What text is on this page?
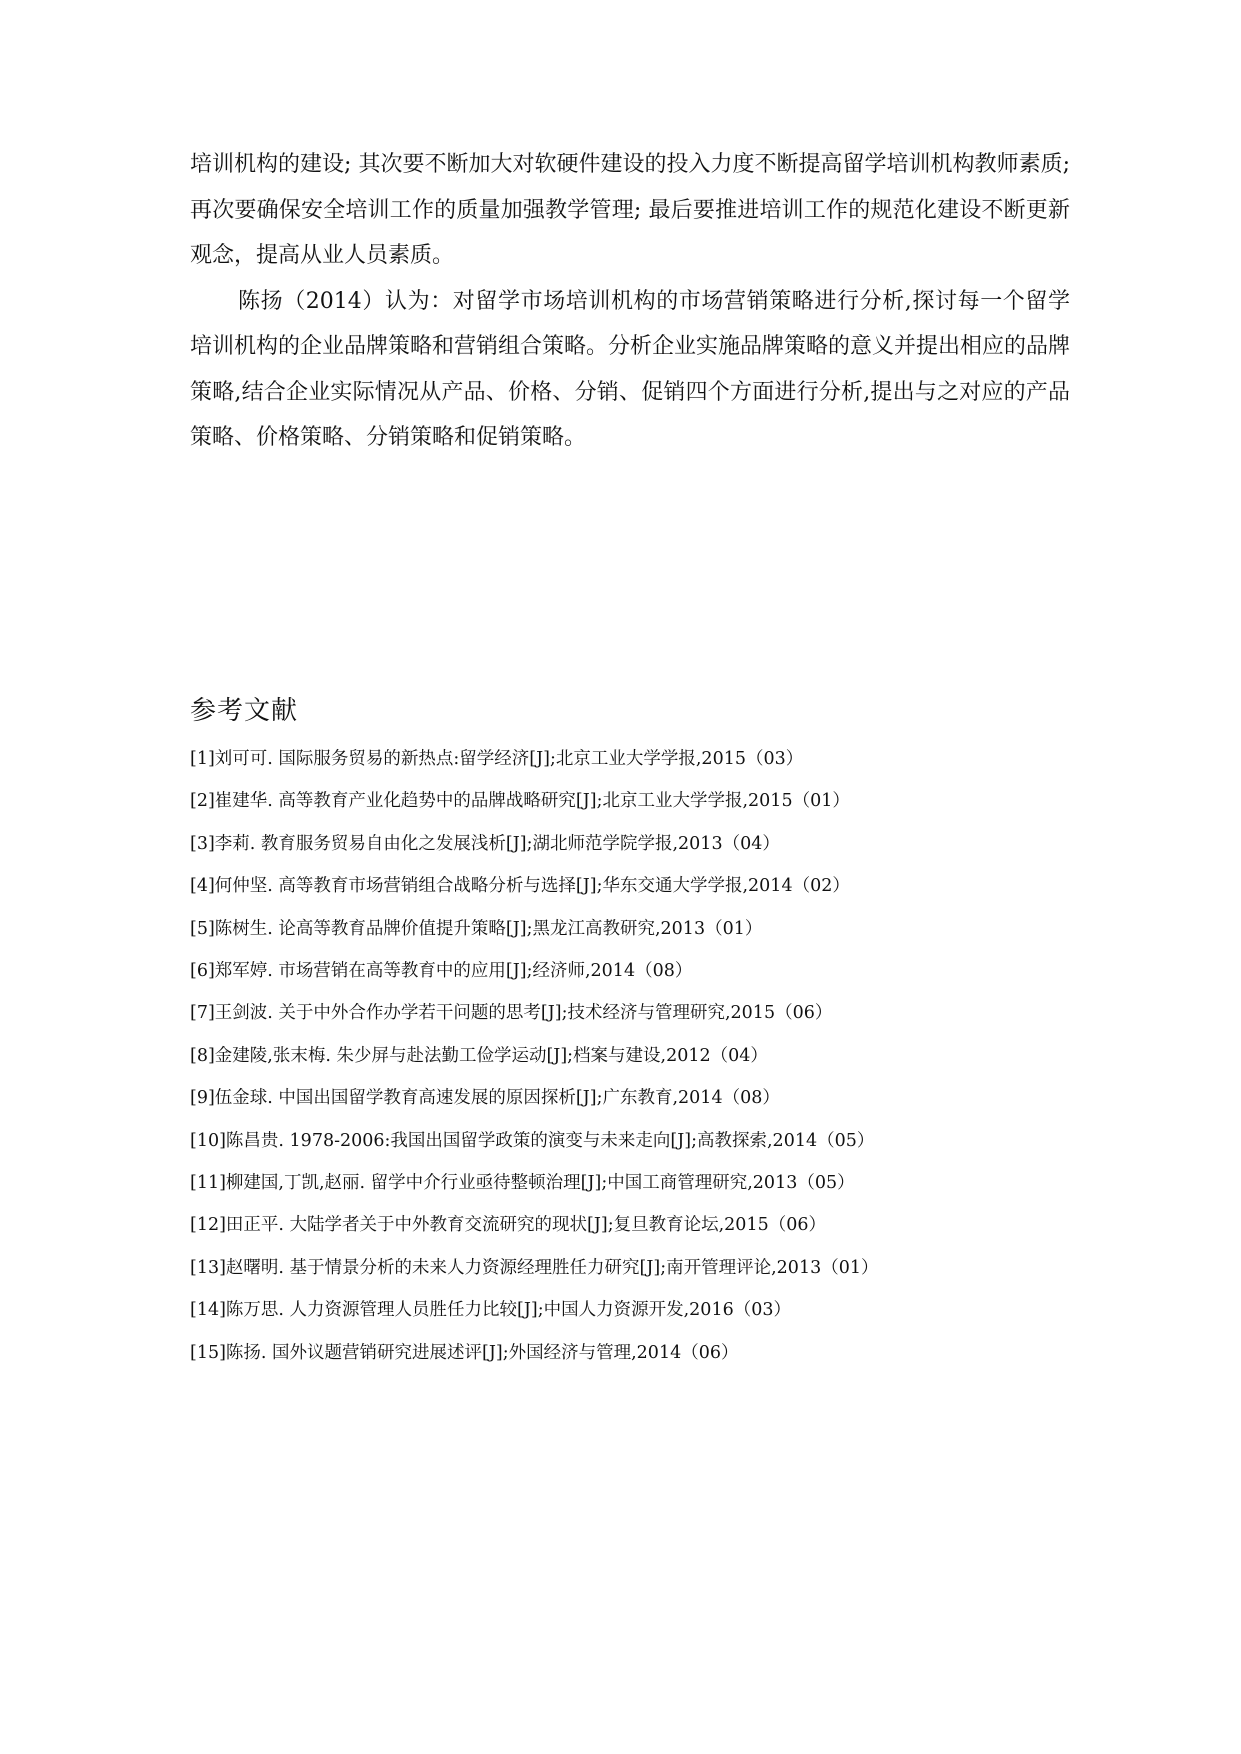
培训机构的建设; 其次要不断加大对软硬件建设的投入力度不断提高留学培训机构教师素质; 再次要确保安全培训工作的质量加强教学管理; 最后要推进培训工作的规范化建设不断更新观念，提高从业人员素质。

陈扬（2014）认为：对留学市场培训机构的市场营销策略进行分析,探讨每一个留学培训机构的企业品牌策略和营销组合策略。分析企业实施品牌策略的意义并提出相应的品牌策略,结合企业实际情况从产品、价格、分销、促销四个方面进行分析,提出与之对应的产品策略、价格策略、分销策略和促销策略。

参考文献
[1]刘可可. 国际服务贸易的新热点:留学经济[J];北京工业大学学报,2015（03）
[2]崔建华. 高等教育产业化趋势中的品牌战略研究[J];北京工业大学学报,2015（01）
[3]李莉. 教育服务贸易自由化之发展浅析[J];湖北师范学院学报,2013（04）
[4]何仲坚. 高等教育市场营销组合战略分析与选择[J];华东交通大学学报,2014（02）
[5]陈树生. 论高等教育品牌价值提升策略[J];黑龙江高教研究,2013（01）
[6]郑军婷. 市场营销在高等教育中的应用[J];经济师,2014（08）
[7]王剑波. 关于中外合作办学若干问题的思考[J];技术经济与管理研究,2015（06）
[8]金建陵,张末梅. 朱少屏与赴法勤工俭学运动[J];档案与建设,2012（04）
[9]伍金球. 中国出国留学教育高速发展的原因探析[J];广东教育,2014（08）
[10]陈昌贵. 1978-2006:我国出国留学政策的演变与未来走向[J];高教探索,2014（05）
[11]柳建国,丁凯,赵丽. 留学中介行业亟待整顿治理[J];中国工商管理研究,2013（05）
[12]田正平. 大陆学者关于中外教育交流研究的现状[J];复旦教育论坛,2015（06）
[13]赵曙明. 基于情景分析的未来人力资源经理胜任力研究[J];南开管理评论,2013（01）
[14]陈万思. 人力资源管理人员胜任力比较[J];中国人力资源开发,2016（03）
[15]陈扬. 国外议题营销研究进展述评[J];外国经济与管理,2014（06）
